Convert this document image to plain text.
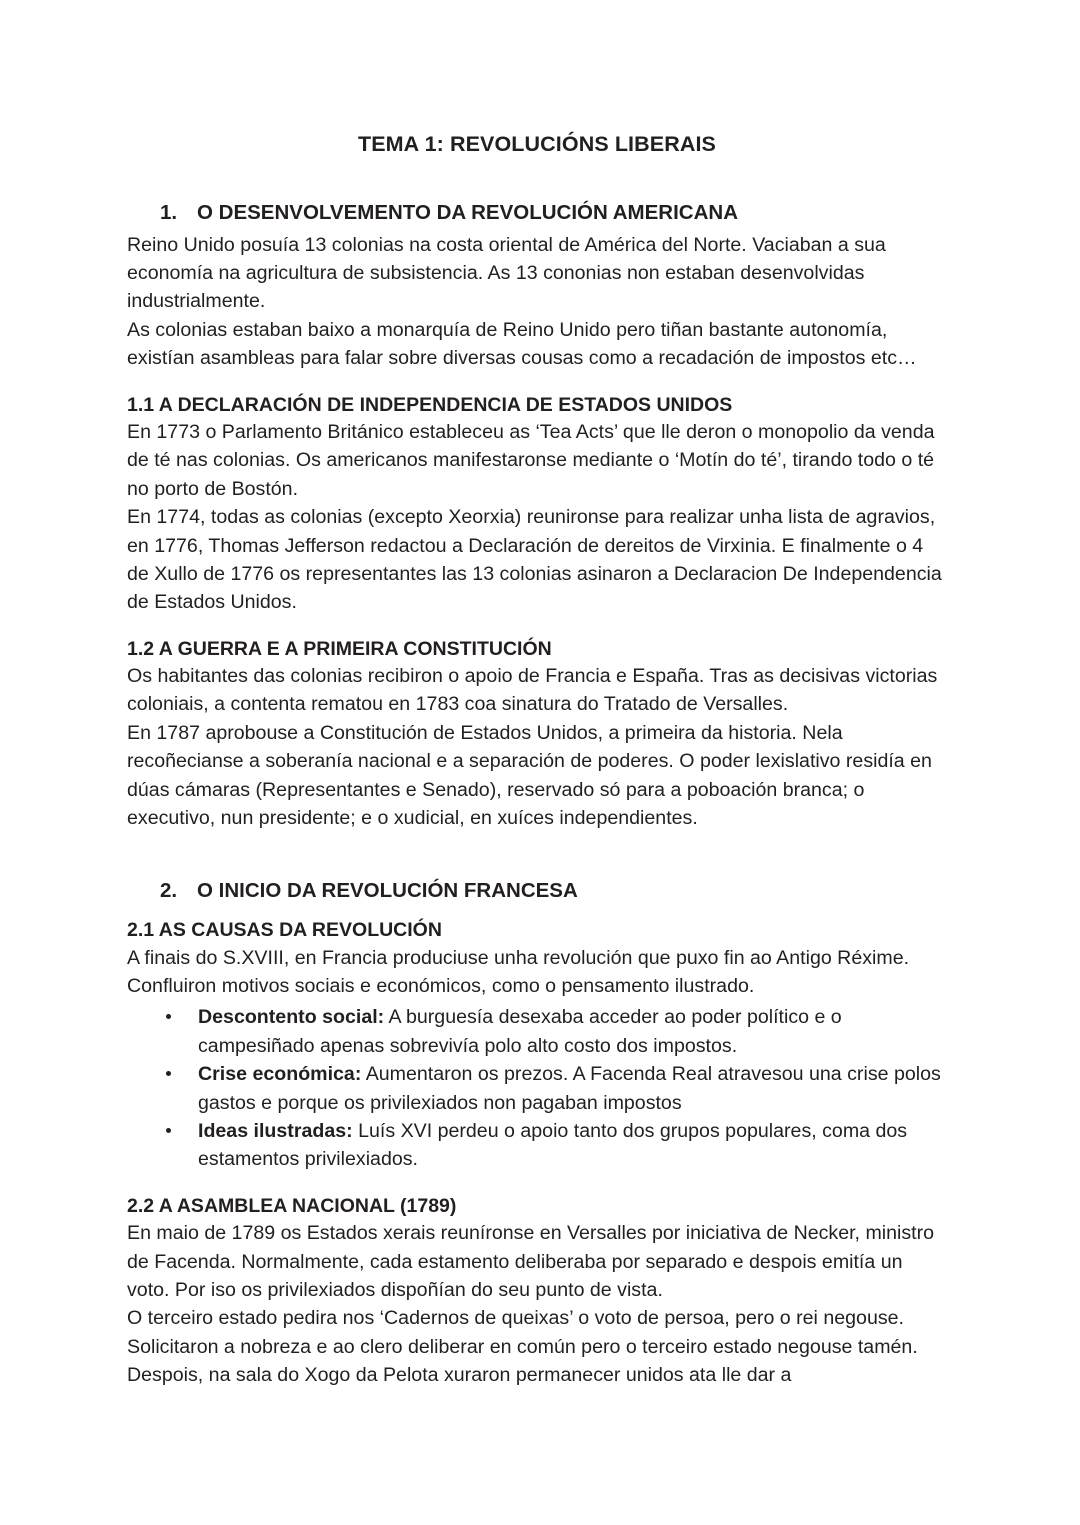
TEMA 1: REVOLUCIÓNS LIBERAIS
1. O DESENVOLVEMENTO DA REVOLUCIÓN AMERICANA

Reino Unido posuía 13 colonias na costa oriental de América del Norte. Vaciaban a sua economía na agricultura de subsistencia. As 13 cononias non estaban desenvolvidas industrialmente.

As colonias estaban baixo a monarquía de Reino Unido pero tiñan bastante autonomía, existían asambleas para falar sobre diversas cousas como a recadación de impostos etc…

1.1 A DECLARACIÓN DE INDEPENDENCIA DE ESTADOS UNIDOS

En 1773 o Parlamento Británico estableceu as ‘Tea Acts’ que lle deron o monopolio da venda de té nas colonias. Os americanos manifestaronse mediante o ‘Motín do té’, tirando todo o té no porto de Bostón.

En 1774, todas as colonias (excepto Xeorxia) reunironse para realizar unha lista de agravios, en 1776, Thomas Jefferson redactou a Declaración de dereitos de Virxinia. E finalmente o 4 de Xullo de 1776 os representantes las 13 colonias asinaron a Declaracion De Independencia de Estados Unidos.

1.2 A GUERRA E A PRIMEIRA CONSTITUCIÓN

Os habitantes das colonias recibiron o apoio de Francia e España. Tras as decisivas victorias coloniais, a contenta rematou en 1783 coa sinatura do Tratado de Versalles.

En 1787 aprobouse a Constitución de Estados Unidos, a primeira da historia. Nela recoñecianse a soberanía nacional e a separación de poderes. O poder lexislativo residía en dúas cámaras (Representantes e Senado), reservado só para a poboación branca; o executivo, nun presidente; e o xudicial, en xuíces independientes.

2. O INICIO DA REVOLUCIÓN FRANCESA
2.1 AS CAUSAS DA REVOLUCIÓN

A finais do S.XVIII, en Francia produciuse unha revolución que puxo fin ao Antigo Réxime. Confluiron motivos sociais e económicos, como o pensamento ilustrado.

Descontento social: A burguesía desexaba acceder ao poder político e o campesiñado apenas sobrevivía polo alto costo dos impostos.
Crise económica: Aumentaron os prezos. A Facenda Real atravesou una crise polos gastos e porque os privilexiados non pagaban impostos
Ideas ilustradas: Luís XVI perdeu o apoio tanto dos grupos populares, coma dos estamentos privilexiados.
2.2 A ASAMBLEA NACIONAL (1789)

En maio de 1789 os Estados xerais reuníronse en Versalles por iniciativa de Necker, ministro de Facenda. Normalmente, cada estamento deliberaba por separado e despois emitía un voto. Por iso os privilexiados dispoñían do seu punto de vista.

O terceiro estado pedira nos ‘Cadernos de queixas’ o voto de persoa, pero o rei negouse.

Solicitaron a nobreza e ao clero deliberar en común pero o terceiro estado negouse tamén. Despois, na sala do Xogo da Pelota xuraron permanecer unidos ata lle dar a
